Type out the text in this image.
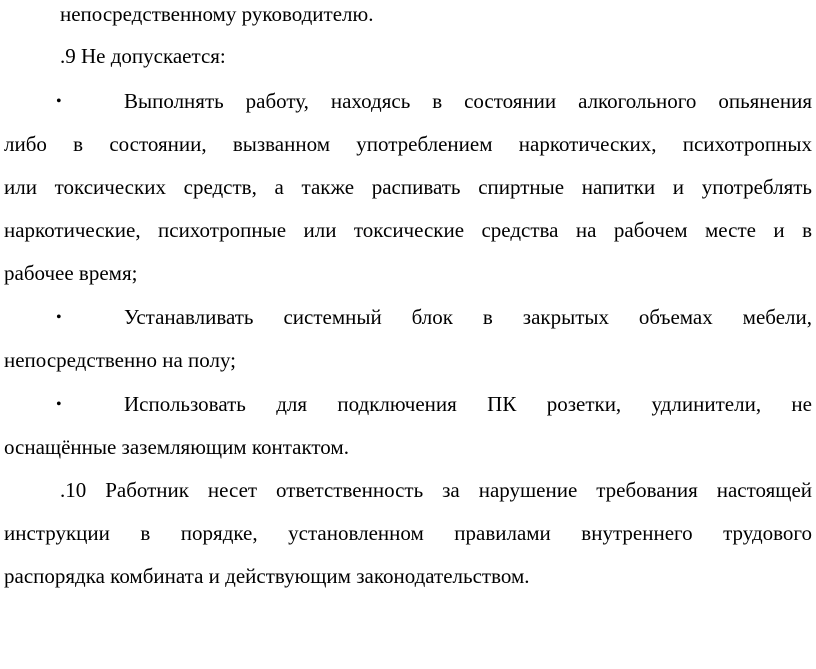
непосредственному руководителю.
.9 Не допускается:
•	Выполнять работу, находясь в состоянии алкогольного опьянения
либо в состоянии, вызванном употреблением наркотических, психотропных
или токсических средств, а также распивать спиртные напитки и употреблять
наркотические, психотропные или токсические средства на рабочем месте и в
рабочее время;
•	Устанавливать системный блок в закрытых объемах мебели,
непосредственно на полу;
•	Использовать для подключения ПК розетки, удлинители, не
оснащённые заземляющим контактом.
.10 Работник несет ответственность за нарушение требования настоящей
инструкции в порядке, установленном правилами внутреннего трудового
распорядка комбината и действующим законодательством.
